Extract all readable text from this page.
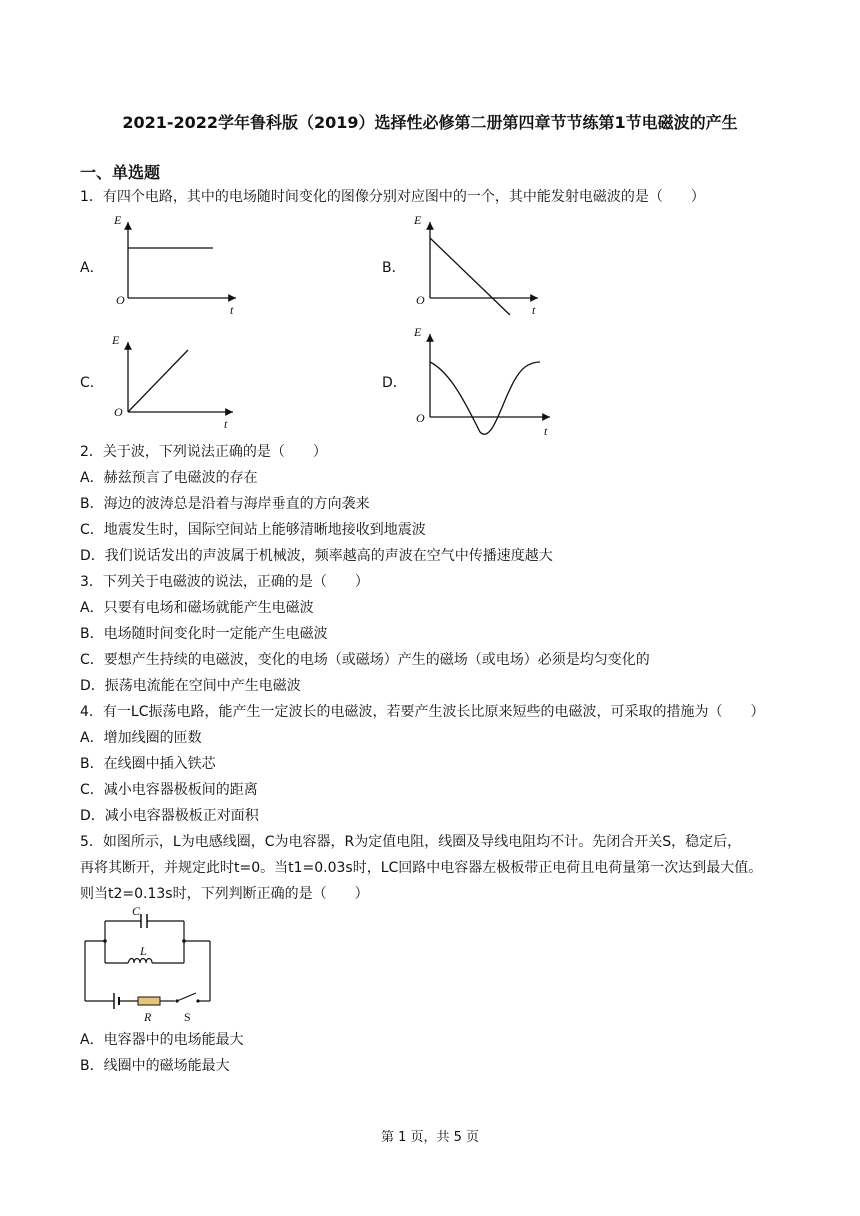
2021-2022学年鲁科版（2019）选择性必修第二册第四章节节练第1节电磁波的产生
一、单选题
1．有四个电路，其中的电场随时间变化的图像分别对应图中的一个，其中能发射电磁波的是（　　）
A．
E
O
t
B．
E
O
t
C．
E
O
t
D．
E
O
t
2．关于波，下列说法正确的是（　　）
A．赫兹预言了电磁波的存在
B．海边的波涛总是沿着与海岸垂直的方向袭来
C．地震发生时，国际空间站上能够清晰地接收到地震波
D．我们说话发出的声波属于机械波，频率越高的声波在空气中传播速度越大
3．下列关于电磁波的说法，正确的是（　　）
A．只要有电场和磁场就能产生电磁波
B．电场随时间变化时一定能产生电磁波
C．要想产生持续的电磁波，变化的电场（或磁场）产生的磁场（或电场）必须是均匀变化的
D．振荡电流能在空间中产生电磁波
4．有一LC振荡电路，能产生一定波长的电磁波，若要产生波长比原来短些的电磁波，可采取的措施为（　　）
A．增加线圈的匝数
B．在线圈中插入铁芯
C．减小电容器极板间的距离
D．减小电容器极板正对面积
5．如图所示，L为电感线圈，C为电容器，R为定值电阻，线圈及导线电阻均不计。先闭合开关S，稳定后，
再将其断开，并规定此时t=0。当t1=0.03s时，LC回路中电容器左极板带正电荷且电荷量第一次达到最大值。
则当t2=0.13s时，下列判断正确的是（　　）
C
L
R	S
A．电容器中的电场能最大
B．线圈中的磁场能最大
第 1 页，共 5 页
